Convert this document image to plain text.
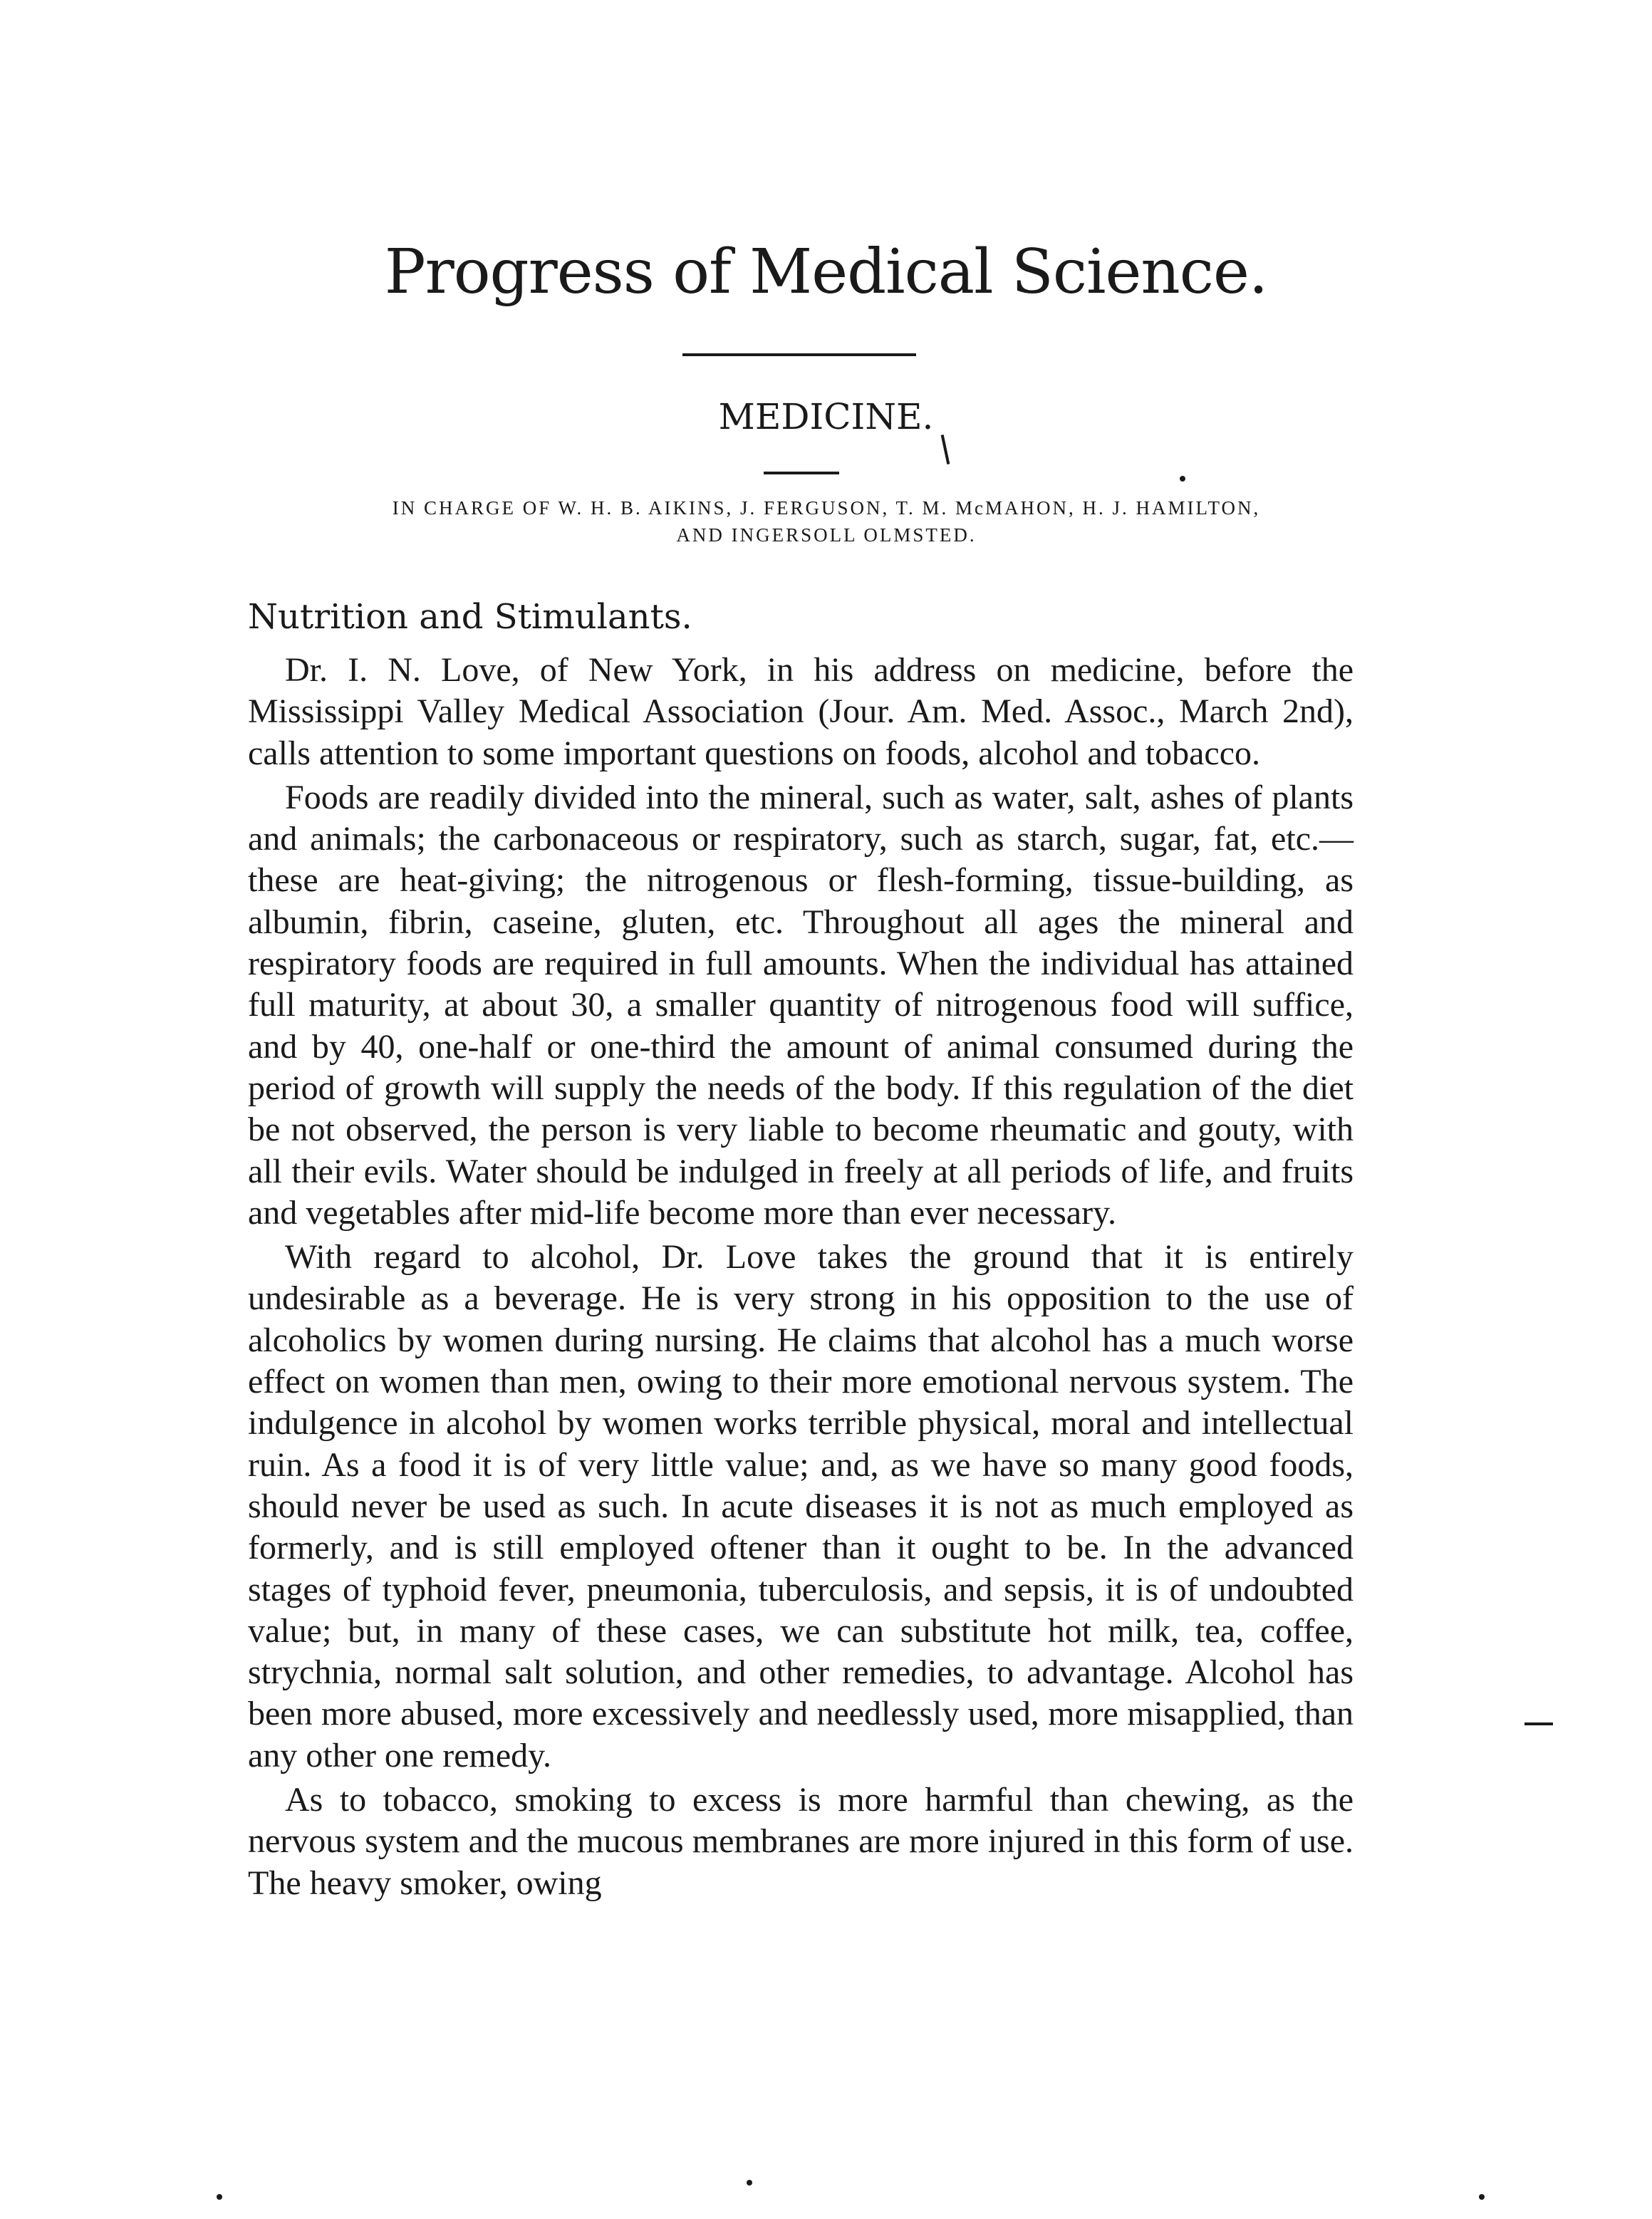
Progress of Medical Science.
MEDICINE.
IN CHARGE OF W. H. B. AIKINS, J. FERGUSON, T. M. McMAHON, H. J. HAMILTON,
AND INGERSOLL OLMSTED.
Nutrition and Stimulants.

Dr. I. N. Love, of New York, in his address on medicine, before the Mississippi Valley Medical Association (Jour. Am. Med. Assoc., March 2nd), calls attention to some important questions on foods, alcohol and tobacco.

Foods are readily divided into the mineral, such as water, salt, ashes of plants and animals; the carbonaceous or respiratory, such as starch, sugar, fat, etc.—these are heat-giving; the nitrogenous or flesh-forming, tissue-building, as albumin, fibrin, caseine, gluten, etc. Throughout all ages the mineral and respiratory foods are required in full amounts. When the individual has attained full maturity, at about 30, a smaller quantity of nitrogenous food will suffice, and by 40, one-half or one-third the amount of animal consumed during the period of growth will supply the needs of the body. If this regulation of the diet be not observed, the person is very liable to become rheumatic and gouty, with all their evils. Water should be indulged in freely at all periods of life, and fruits and vegetables after mid-life become more than ever necessary.

With regard to alcohol, Dr. Love takes the ground that it is entirely undesirable as a beverage. He is very strong in his opposition to the use of alcoholics by women during nursing. He claims that alcohol has a much worse effect on women than men, owing to their more emotional nervous system. The indulgence in alcohol by women works terrible physical, moral and intellectual ruin. As a food it is of very little value; and, as we have so many good foods, should never be used as such. In acute diseases it is not as much employed as formerly, and is still employed oftener than it ought to be. In the advanced stages of typhoid fever, pneumonia, tuberculosis, and sepsis, it is of undoubted value; but, in many of these cases, we can substitute hot milk, tea, coffee, strychnia, normal salt solution, and other remedies, to advantage. Alcohol has been more abused, more excessively and needlessly used, more misapplied, than any other one remedy.

As to tobacco, smoking to excess is more harmful than chewing, as the nervous system and the mucous membranes are more injured in this form of use. The heavy smoker, owing
